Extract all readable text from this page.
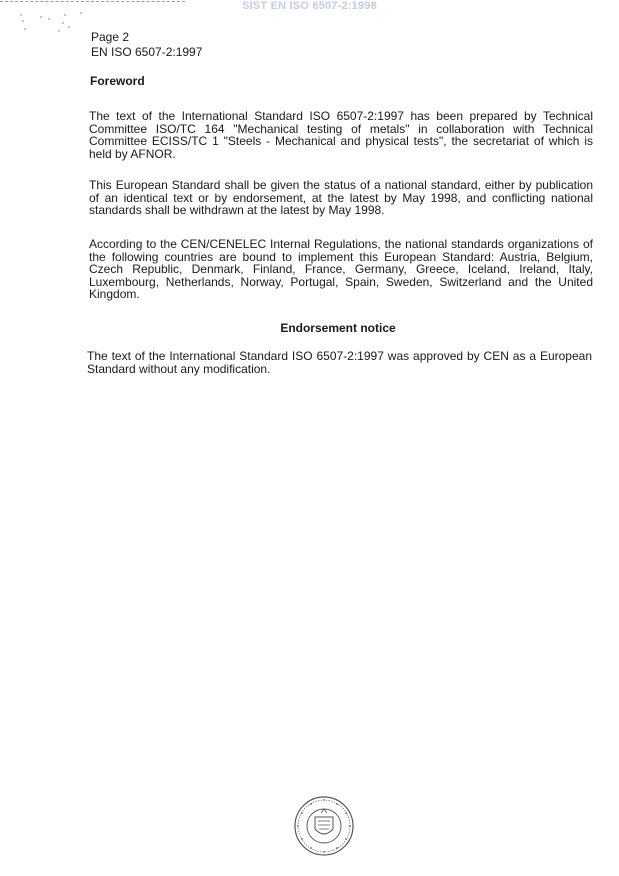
SIST EN ISO 6507-2:1998
Page 2
EN ISO 6507-2:1997
Foreword

The text of the International Standard ISO 6507-2:1997 has been prepared by Technical Committee ISO/TC 164 "Mechanical testing of metals" in collaboration with Technical Committee ECISS/TC 1 "Steels - Mechanical and physical tests", the secretariat of which is held by AFNOR.

This European Standard shall be given the status of a national standard, either by publication of an identical text or by endorsement, at the latest by May 1998, and conflicting national standards shall be withdrawn at the latest by May 1998.

According to the CEN/CENELEC Internal Regulations, the national standards organizations of the following countries are bound to implement this European Standard: Austria, Belgium, Czech Republic, Denmark, Finland, France, Germany, Greece, Iceland, Ireland, Italy, Luxembourg, Netherlands, Norway, Portugal, Spain, Sweden, Switzerland and the United Kingdom.

Endorsement notice

The text of the International Standard ISO 6507-2:1997 was approved by CEN as a European Standard without any modification.
